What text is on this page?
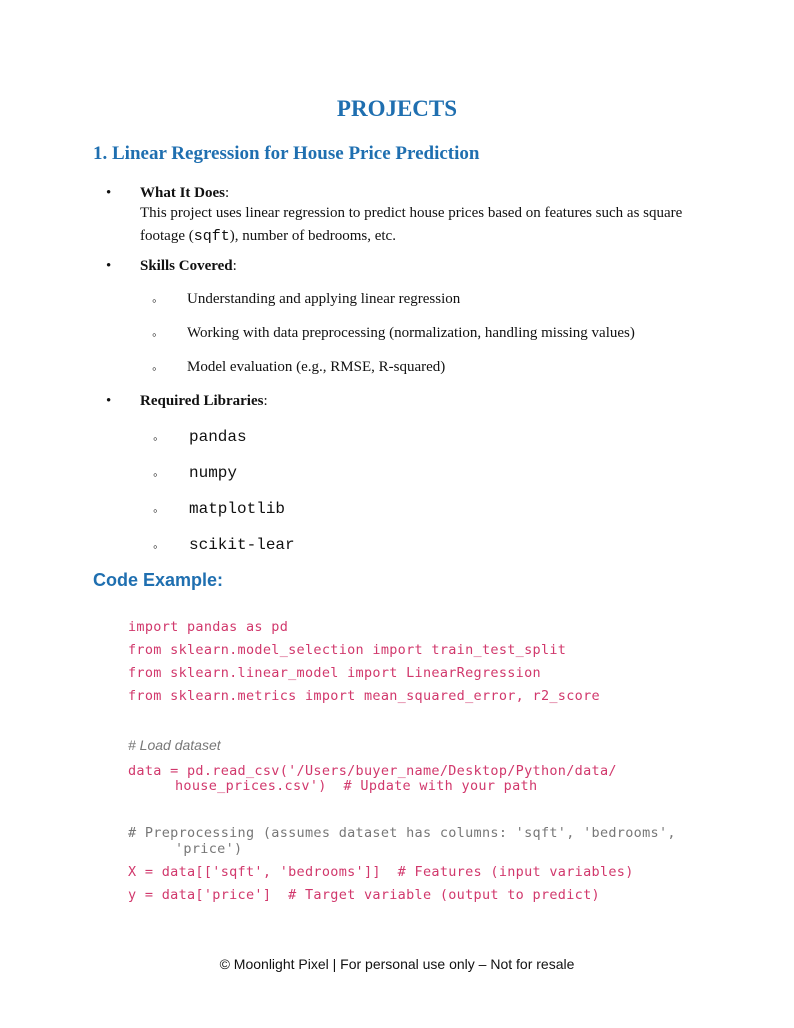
PROJECTS
1. Linear Regression for House Price Prediction
• What It Does:
This project uses linear regression to predict house prices based on features such as square footage (sqft), number of bedrooms, etc.
• Skills Covered:
◦ Understanding and applying linear regression
◦ Working with data preprocessing (normalization, handling missing values)
◦ Model evaluation (e.g., RMSE, R-squared)
• Required Libraries:
◦ pandas
◦ numpy
◦ matplotlib
◦ scikit-lear
Code Example:
import pandas as pd
from sklearn.model_selection import train_test_split
from sklearn.linear_model import LinearRegression
from sklearn.metrics import mean_squared_error, r2_score
# Load dataset
data = pd.read_csv('/Users/buyer_name/Desktop/Python/data/
house_prices.csv')  # Update with your path
# Preprocessing (assumes dataset has columns: 'sqft', 'bedrooms',
'price')
X = data[['sqft', 'bedrooms']]  # Features (input variables)
y = data['price']  # Target variable (output to predict)
© Moonlight Pixel | For personal use only – Not for resale
